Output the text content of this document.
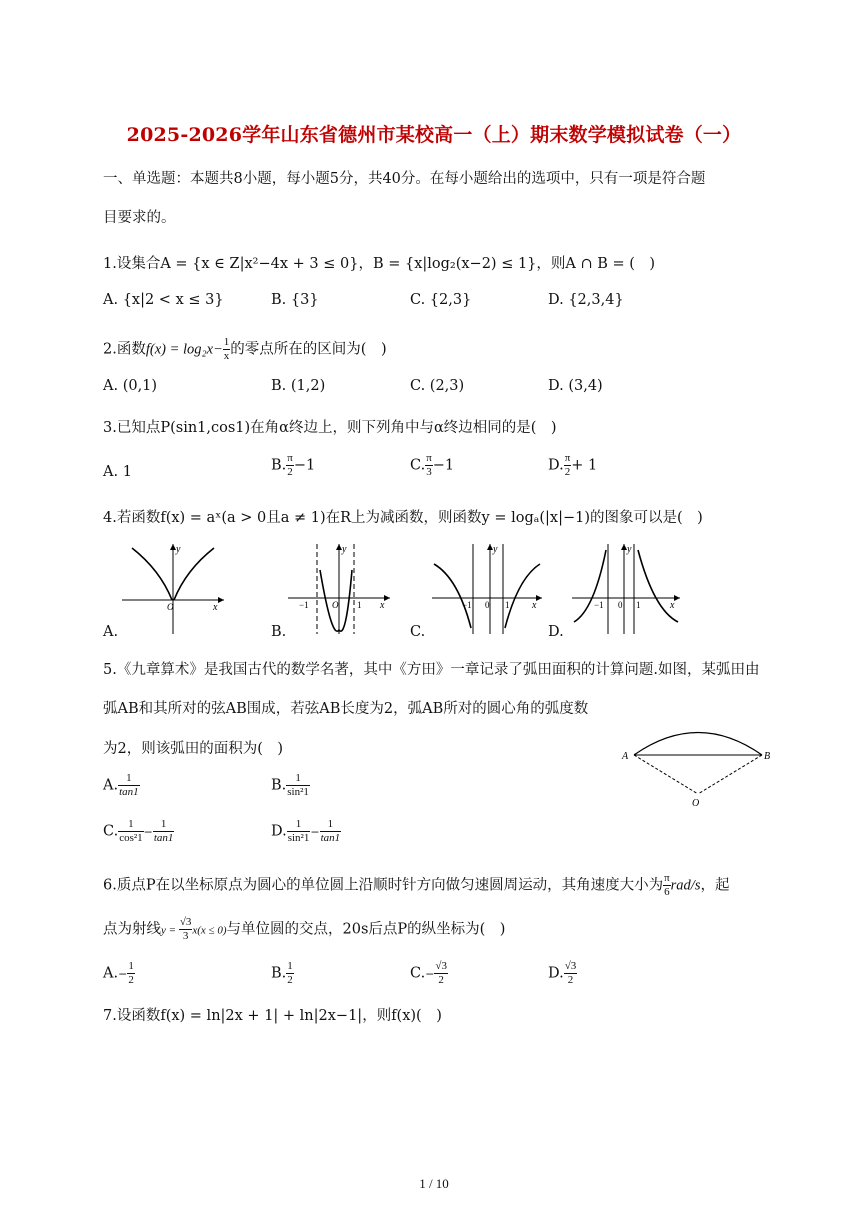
2025-2026学年山东省德州市某校高一（上）期末数学模拟试卷（一）
一、单选题：本题共8小题，每小题5分，共40分。在每小题给出的选项中，只有一项是符合题
目要求的。
1.设集合A = {x ∈ Z|x²−4x + 3 ≤ 0}，B = {x|log₂(x−2) ≤ 1}，则A ∩ B = (　)
A. {x|2 < x ≤ 3}	B. {3}	C. {2,3}	D. {2,3,4}
2.函数$f(x) = \log_2x- \frac{1}{x}$ 的零点所在的区间为(　)
A. (0,1)	B. (1,2)	C. (2,3)	D. (3,4)
3.已知点P(sin1,cos1)在角α终边上，则下列角中与α终边相同的是(　)
A. 1	B. $\frac{\pi}{2} -1$	C. $\frac{\pi}{3} -1$	D. $\frac{\pi}{2} + 1$
4.若函数f(x) = aˣ(a > 0且a ≠ 1)在R上为减函数，则函数y = logₐ(|x|−1)的图象可以是(　)
y
x
O
A.
y
x
−1	O 1
B.
y
x
−1 0 1
C.
y
x
−1 0 1
D.
5.《九章算术》是我国古代的数学名著，其中《方田》一章记录了弧田面积的计算问题.如图，某弧田由
弧AB和其所对的弦AB围成，若弦AB长度为2，弧AB所对的圆心角的弧度数
为2，则该弧田的面积为(　)	A	B
O
A. $\frac{1}{\tan 1}$	B. $\frac{1}{\text{sin²1}}$
C. $\frac{1}{\text{cos²1}} - \frac{1}{\tan 1}$	D. $\frac{1}{\text{sin²1}} - \frac{1}{\tan 1}$
6.质点P在以坐标原点为圆心的单位圆上沿顺时针方向做匀速圆周运动，其角速度大小为 $\frac{\pi}{6} rad/s$，起
点为射线$y = \frac{√3}{3} x(x \le 0)$与单位圆的交点，20s后点P的纵坐标为(　)
$A.- \frac{1}{2}$	B. $\frac{1}{2}$	$C.- \frac{√3}{2}$	D. $\frac{√3}{2}$
7.设函数f(x) = ln|2x + 1| + ln|2x−1|，则f(x)(　)
1 / 10
